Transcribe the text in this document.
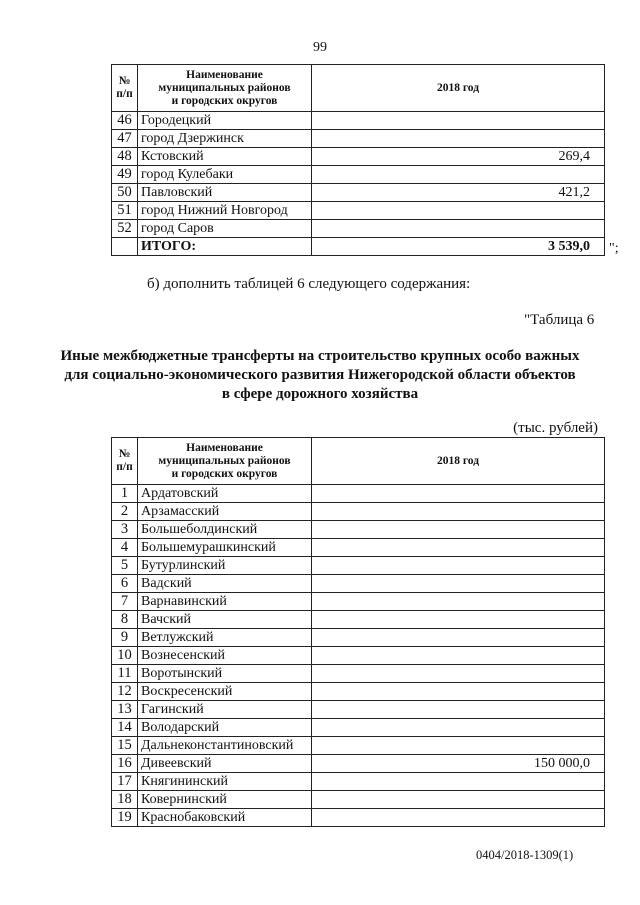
99
№
п/п	Наименование
муниципальных районов
и городских округов	2018 год
46	Городецкий	
47	город Дзержинск	
48	Кстовский	269,4
49	город Кулебаки	
50	Павловский	421,2
51	город Нижний Новгород	
52	город Саров	
	ИТОГО:	3 539,0 ";
б) дополнить таблицей 6 следующего содержания:
"Таблица 6
Иные межбюджетные трансферты на строительство крупных особо важных для социально-экономического развития Нижегородской области объектов в сфере дорожного хозяйства
(тыс. рублей)
№
п/п	Наименование
муниципальных районов
и городских округов	2018 год
1	Ардатовский	
2	Арзамасский	
3	Большеболдинский	
4	Большемурашкинский	
5	Бутурлинский	
6	Вадский	
7	Варнавинский	
8	Вачский	
9	Ветлужский	
10	Вознесенский	
11	Воротынский	
12	Воскресенский	
13	Гагинский	
14	Володарский	
15	Дальнеконстантиновский	
16	Дивеевский	150 000,0
17	Княгининский	
18	Ковернинский	
19	Краснобаковский	
0404/2018-1309(1)
